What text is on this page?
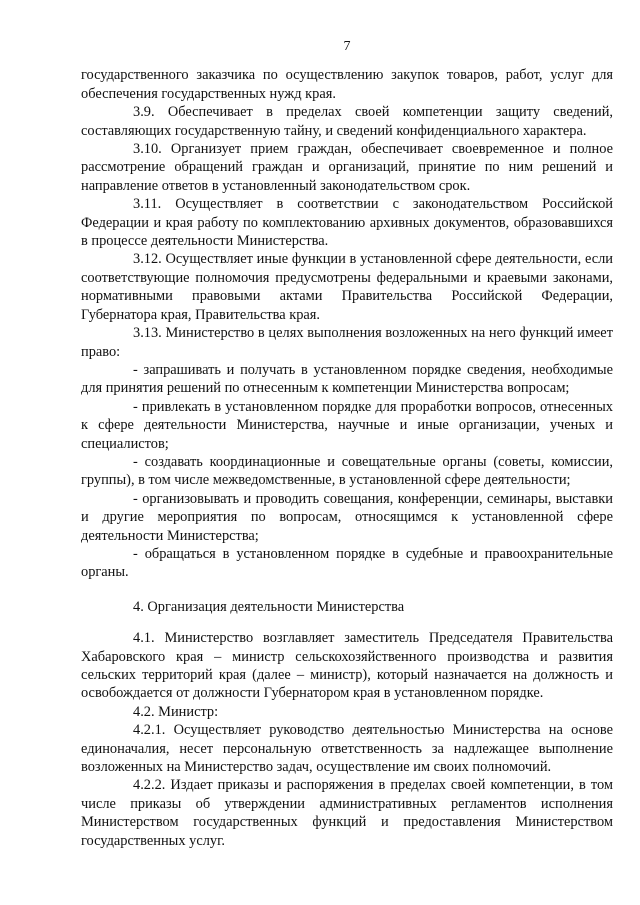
7

государственного заказчика по осуществлению закупок товаров, работ, услуг для обеспечения государственных нужд края.

3.9. Обеспечивает в пределах своей компетенции защиту сведений, составляющих государственную тайну, и сведений конфиденциального характера.

3.10. Организует прием граждан, обеспечивает своевременное и полное рассмотрение обращений граждан и организаций, принятие по ним решений и направление ответов в установленный законодательством срок.

3.11. Осуществляет в соответствии с законодательством Российской Федерации и края работу по комплектованию архивных документов, образовавшихся в процессе деятельности Министерства.

3.12. Осуществляет иные функции в установленной сфере деятельности, если соответствующие полномочия предусмотрены федеральными и краевыми законами, нормативными правовыми актами Правительства Российской Федерации, Губернатора края, Правительства края.

3.13. Министерство в целях выполнения возложенных на него функций имеет право:

- запрашивать и получать в установленном порядке сведения, необходимые для принятия решений по отнесенным к компетенции Министерства вопросам;

- привлекать в установленном порядке для проработки вопросов, отнесенных к сфере деятельности Министерства, научные и иные организации, ученых и специалистов;

- создавать координационные и совещательные органы (советы, комиссии, группы), в том числе межведомственные, в установленной сфере деятельности;

- организовывать и проводить совещания, конференции, семинары, выставки и другие мероприятия по вопросам, относящимся к установленной сфере деятельности Министерства;

- обращаться в установленном порядке в судебные и правоохранительные органы.

4. Организация деятельности Министерства

4.1. Министерство возглавляет заместитель Председателя Правительства Хабаровского края – министр сельскохозяйственного производства и развития сельских территорий края (далее – министр), который назначается на должность и освобождается от должности Губернатором края в установленном порядке.

4.2. Министр:

4.2.1. Осуществляет руководство деятельностью Министерства на основе единоначалия, несет персональную ответственность за надлежащее выполнение возложенных на Министерство задач, осуществление им своих полномочий.

4.2.2. Издает приказы и распоряжения в пределах своей компетенции, в том числе приказы об утверждении административных регламентов исполнения Министерством государственных функций и предоставления Министерством государственных услуг.
